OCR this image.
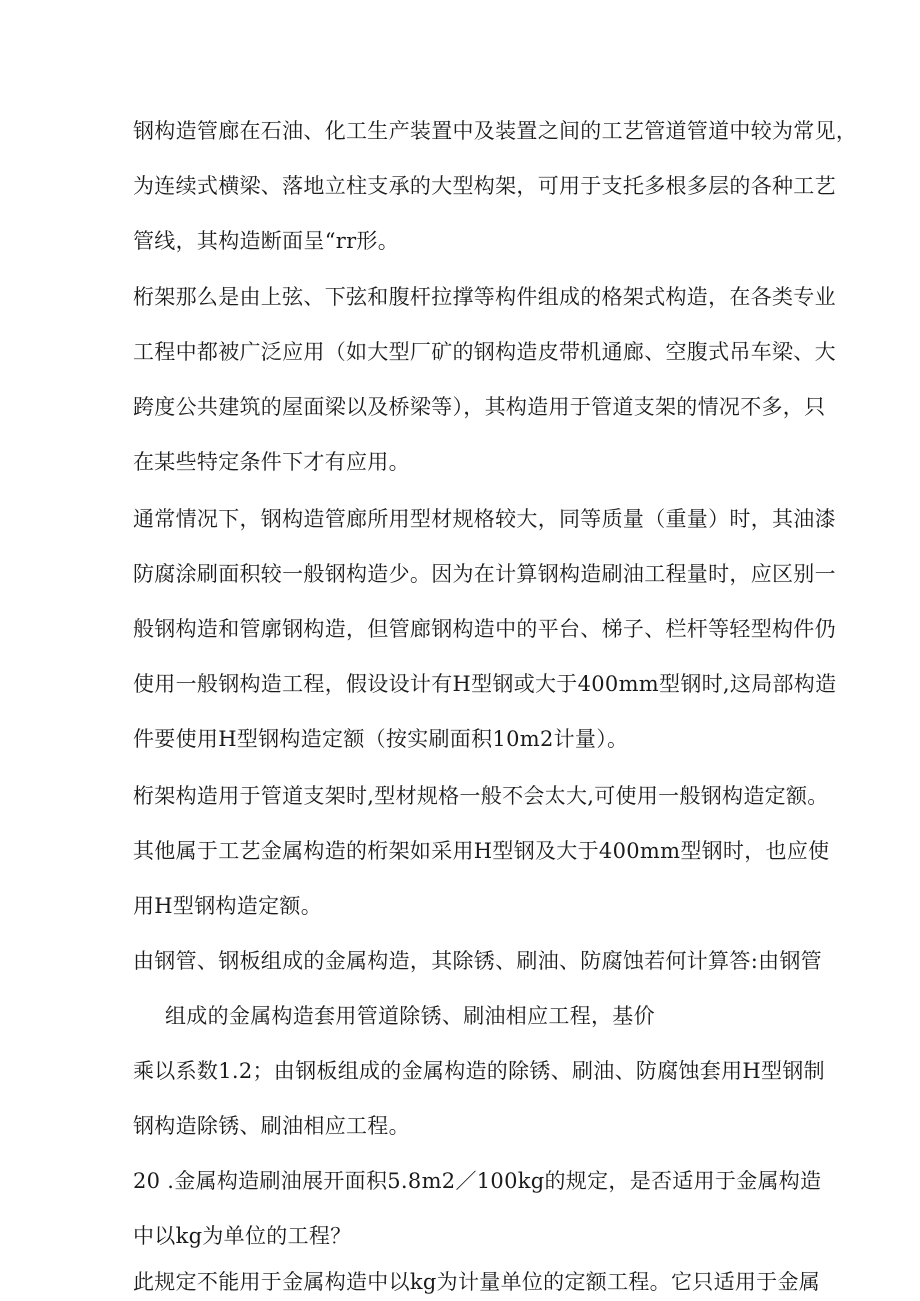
钢构造管廊在石油、化工生产装置中及装置之间的工艺管道管道中较为常见，
为连续式横梁、落地立柱支承的大型构架，可用于支托多根多层的各种工艺
管线，其构造断面呈“rr形。
桁架那么是由上弦、下弦和腹杆拉撑等构件组成的格架式构造，在各类专业
工程中都被广泛应用（如大型厂矿的钢构造皮带机通廊、空腹式吊车梁、大
跨度公共建筑的屋面梁以及桥梁等），其构造用于管道支架的情况不多，只
在某些特定条件下才有应用。
通常情况下，钢构造管廊所用型材规格较大，同等质量（重量）时，其油漆
防腐涂刷面积较一般钢构造少。因为在计算钢构造刷油工程量时，应区别一
般钢构造和管廓钢构造，但管廊钢构造中的平台、梯子、栏杆等轻型构件仍
使用一般钢构造工程，假设设计有H型钢或大于400mm型钢时,这局部构造
件要使用H型钢构造定额（按实刷面积10m2计量）。
桁架构造用于管道支架时,型材规格一般不会太大,可使用一般钢构造定额。
其他属于工艺金属构造的桁架如采用H型钢及大于400mm型钢时，也应使
用H型钢构造定额。
由钢管、钢板组成的金属构造，其除锈、刷油、防腐蚀若何计算答:由钢管
组成的金属构造套用管道除锈、刷油相应工程，基价
乘以系数1.2；由钢板组成的金属构造的除锈、刷油、防腐蚀套用H型钢制
钢构造除锈、刷油相应工程。
20 .金属构造刷油展开面积5.8m2／100kg的规定，是否适用于金属构造
中以kg为单位的工程？
此规定不能用于金属构造中以kg为计量单位的定额工程。它只适用于金属
